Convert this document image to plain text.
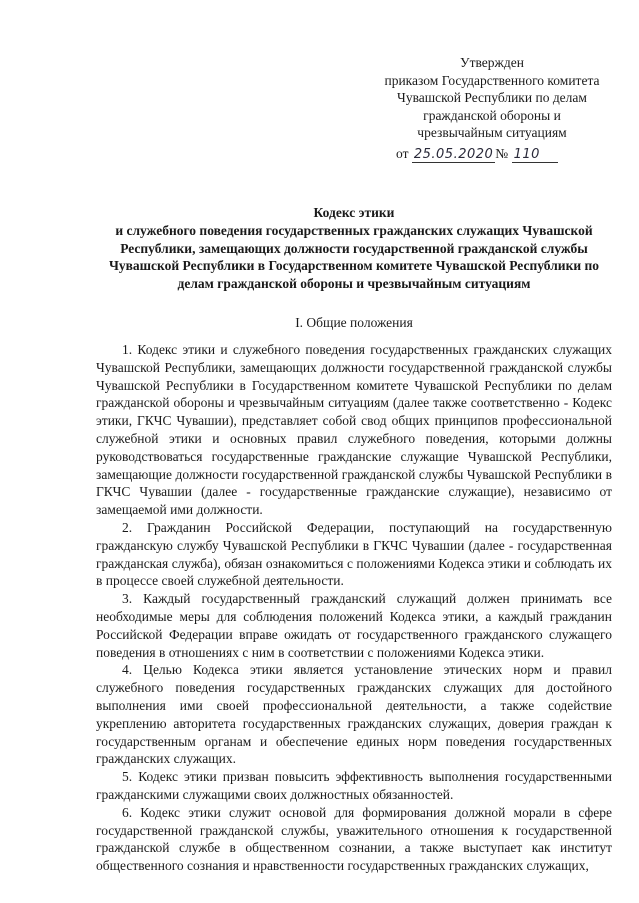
Утвержден
приказом Государственного комитета
Чувашской Республики по делам
гражданской обороны и
чрезвычайным ситуациям
от 25.05.2020 № 110
Кодекс этики
и служебного поведения государственных гражданских служащих Чувашской
Республики, замещающих должности государственной гражданской службы
Чувашской Республики в Государственном комитете Чувашской Республики по
делам гражданской обороны и чрезвычайным ситуациям
I. Общие положения

1. Кодекс этики и служебного поведения государственных гражданских служащих Чувашской Республики, замещающих должности государственной гражданской службы Чувашской Республики в Государственном комитете Чувашской Республики по делам гражданской обороны и чрезвычайным ситуациям (далее также соответственно - Кодекс этики, ГКЧС Чувашии), представляет собой свод общих принципов профессиональной служебной этики и основных правил служебного поведения, которыми должны руководствоваться государственные гражданские служащие Чувашской Республики, замещающие должности государственной гражданской службы Чувашской Республики в ГКЧС Чувашии (далее - государственные гражданские служащие), независимо от замещаемой ими должности.

2. Гражданин Российской Федерации, поступающий на государственную гражданскую службу Чувашской Республики в ГКЧС Чувашии (далее - государственная гражданская служба), обязан ознакомиться с положениями Кодекса этики и соблюдать их в процессе своей служебной деятельности.

3. Каждый государственный гражданский служащий должен принимать все необходимые меры для соблюдения положений Кодекса этики, а каждый гражданин Российской Федерации вправе ожидать от государственного гражданского служащего поведения в отношениях с ним в соответствии с положениями Кодекса этики.

4. Целью Кодекса этики является установление этических норм и правил служебного поведения государственных гражданских служащих для достойного выполнения ими своей профессиональной деятельности, а также содействие укреплению авторитета государственных гражданских служащих, доверия граждан к государственным органам и обеспечение единых норм поведения государственных гражданских служащих.

5. Кодекс этики призван повысить эффективность выполнения государственными гражданскими служащими своих должностных обязанностей.

6. Кодекс этики служит основой для формирования должной морали в сфере государственной гражданской службы, уважительного отношения к государственной гражданской службе в общественном сознании, а также выступает как институт общественного сознания и нравственности государственных гражданских служащих,
